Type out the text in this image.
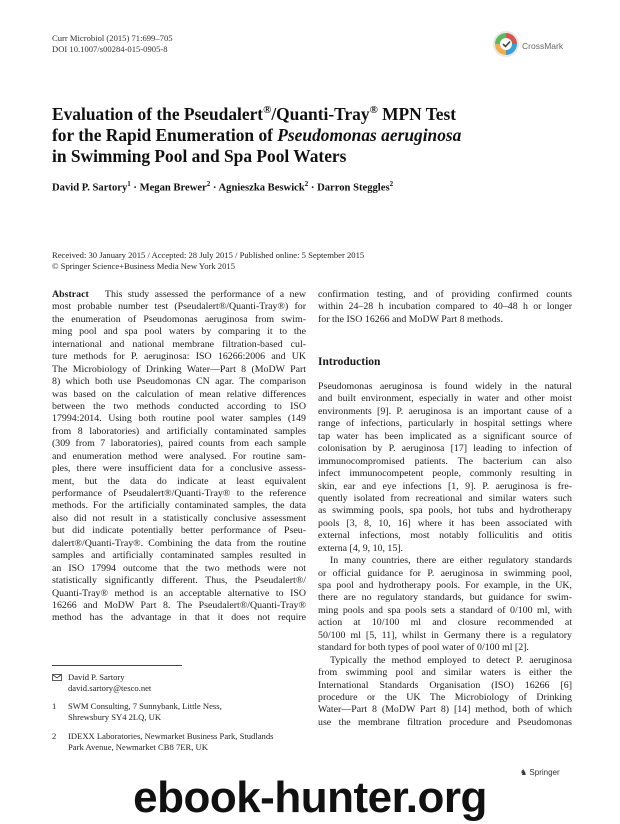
Curr Microbiol (2015) 71:699–705
DOI 10.1007/s00284-015-0905-8	CrossMark
Evaluation of the Pseudalert®/Quanti-Tray® MPN Test
for the Rapid Enumeration of Pseudomonas aeruginosa
in Swimming Pool and Spa Pool Waters
David P. Sartory$^1$ · Megan Brewer$^2$ · Agnieszka Beswick$^2$ · Darron Steggles$^2$
Received: 30 January 2015 / Accepted: 28 July 2015 / Published online: 5 September 2015
© Springer Science+Business Media New York 2015

Abstract This study assessed the performance of a new

most probable number test (Pseudalert®/Quanti-Tray®) for

the enumeration of Pseudomonas aeruginosa from swim-

ming pool and spa pool waters by comparing it to the

international and national membrane filtration-based cul-

ture methods for P. aeruginosa: ISO 16266:2006 and UK

The Microbiology of Drinking Water—Part 8 (MoDW Part

8) which both use Pseudomonas CN agar. The comparison

was based on the calculation of mean relative differences

between the two methods conducted according to ISO

17994:2014. Using both routine pool water samples (149

from 8 laboratories) and artificially contaminated samples

(309 from 7 laboratories), paired counts from each sample

and enumeration method were analysed. For routine sam-

ples, there were insufficient data for a conclusive assess-

ment, but the data do indicate at least equivalent

performance of Pseudalert®/Quanti-Tray® to the reference

methods. For the artificially contaminated samples, the data

also did not result in a statistically conclusive assessment

but did indicate potentially better performance of Pseu-

dalert®/Quanti-Tray®. Combining the data from the routine

samples and artificially contaminated samples resulted in

an ISO 17994 outcome that the two methods were not

statistically significantly different. Thus, the Pseudalert®/

Quanti-Tray® method is an acceptable alternative to ISO

16266 and MoDW Part 8. The Pseudalert®/Quanti-Tray®

method has the advantage in that it does not require

David P. Sartory
david.sartory@tesco.net
1 SWM Consulting, 7 Sunnybank, Little Ness,
Shrewsbury SY4 2LQ, UK
2 IDEXX Laboratories, Newmarket Business Park, Studlands
Park Avenue, Newmarket CB8 7ER, UK

confirmation testing, and of providing confirmed counts

within 24–28 h incubation compared to 40–48 h or longer

for the ISO 16266 and MoDW Part 8 methods.

Introduction

Pseudomonas aeruginosa is found widely in the natural

and built environment, especially in water and other moist

environments [9]. P. aeruginosa is an important cause of a

range of infections, particularly in hospital settings where

tap water has been implicated as a significant source of

colonisation by P. aeruginosa [17] leading to infection of

immunocompromised patients. The bacterium can also

infect immunocompetent people, commonly resulting in

skin, ear and eye infections [1, 9]. P. aeruginosa is fre-

quently isolated from recreational and similar waters such

as swimming pools, spa pools, hot tubs and hydrotherapy

pools [3, 8, 10, 16] where it has been associated with

external infections, most notably folliculitis and otitis

externa [4, 9, 10, 15].

In many countries, there are either regulatory standards

or official guidance for P. aeruginosa in swimming pool,

spa pool and hydrotherapy pools. For example, in the UK,

there are no regulatory standards, but guidance for swim-

ming pools and spa pools sets a standard of 0/100 ml, with

action at 10/100 ml and closure recommended at

50/100 ml [5, 11], whilst in Germany there is a regulatory

standard for both types of pool water of 0/100 ml [2].

Typically the method employed to detect P. aeruginosa

from swimming pool and similar waters is either the

International Standards Organisation (ISO) 16266 [6]

procedure or the UK The Microbiology of Drinking

Water—Part 8 (MoDW Part 8) [14] method, both of which

use the membrane filtration procedure and Pseudomonas

♞ Springer
ebook-hunter.org
